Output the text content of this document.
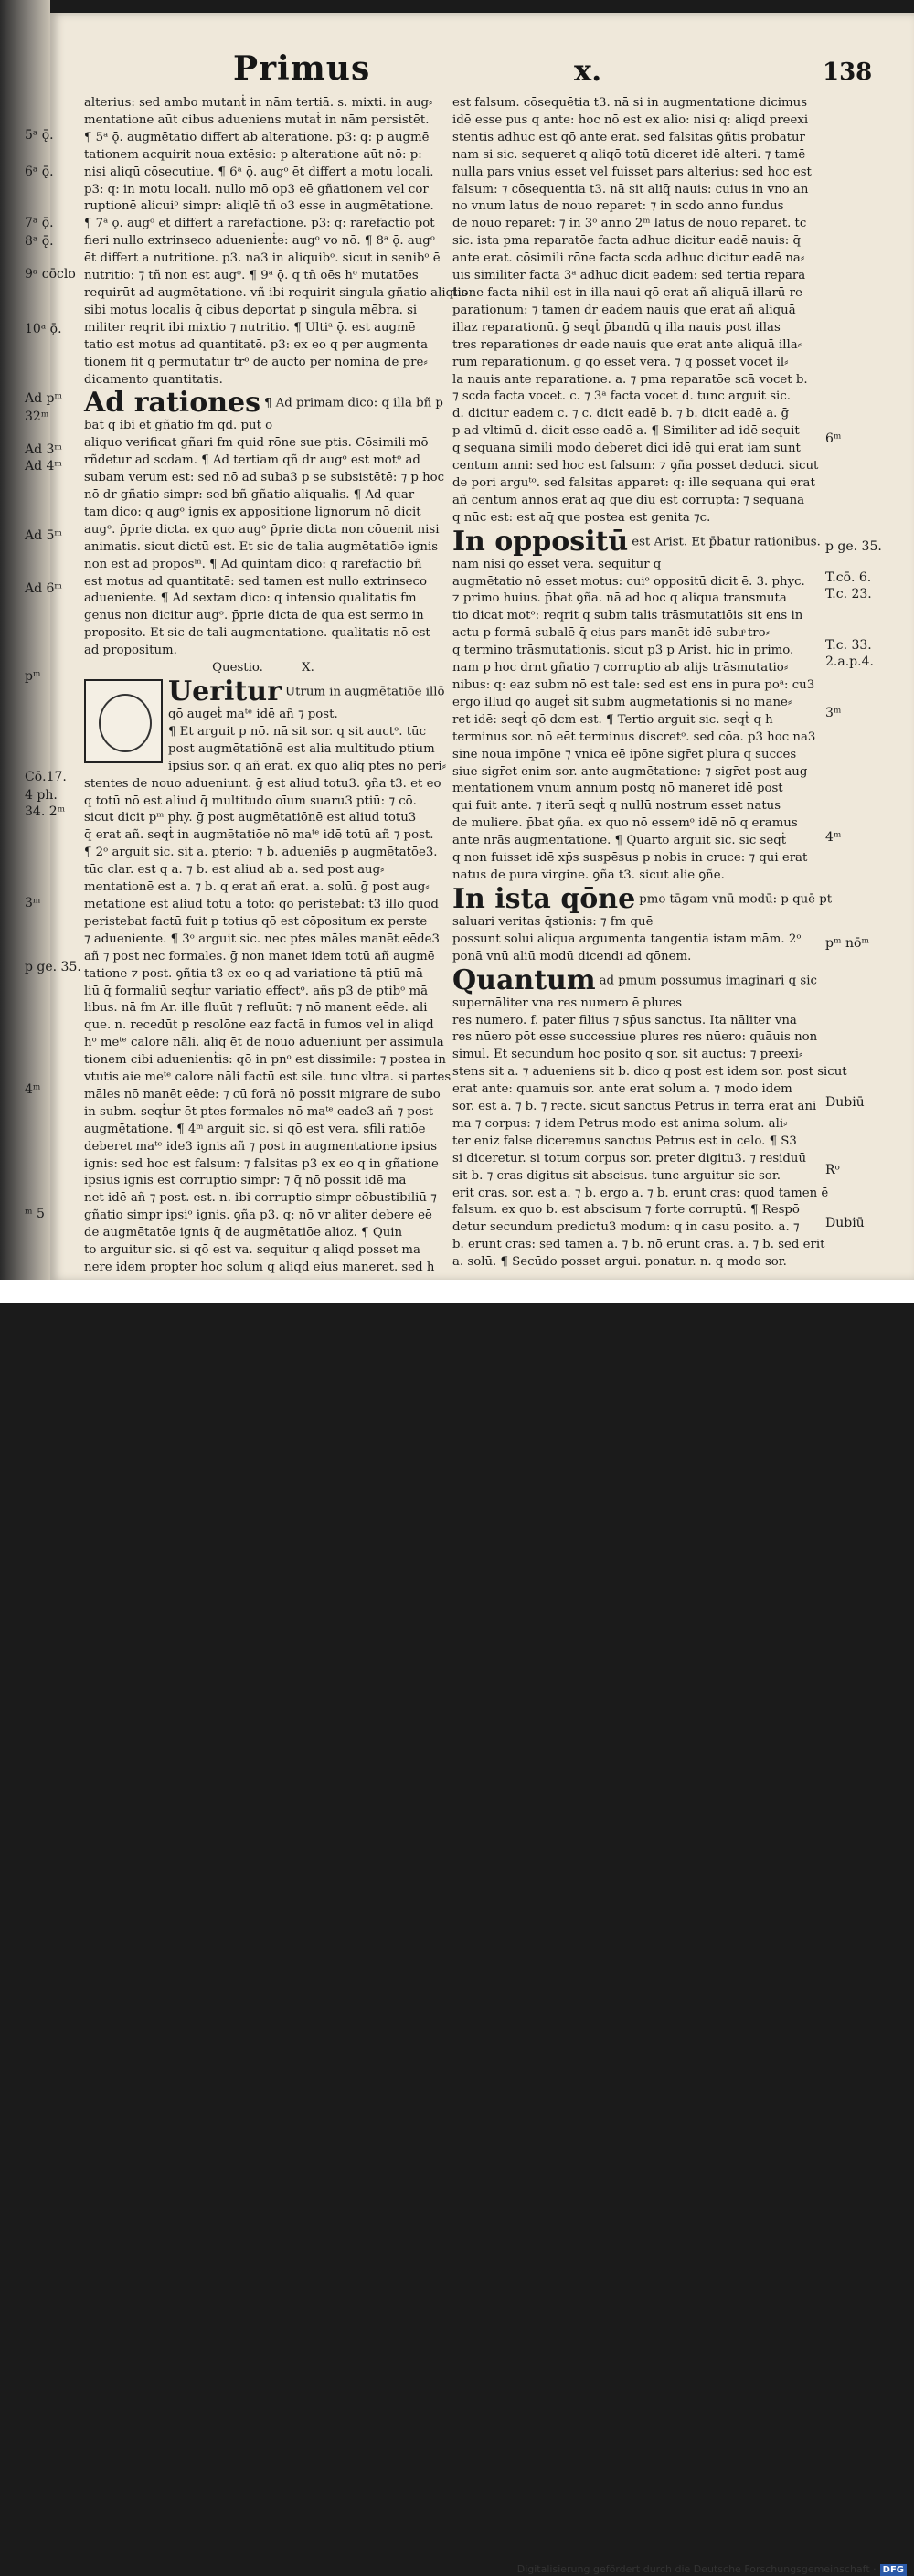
Primus	x.	138
5ᵃ ǭ.
6ᵃ ǭ.
7ᵃ ǭ.
8ᵃ ǭ.
9ᵃ cōclo
10ᵃ ǭ.
Ad pᵐ
32ᵐ
Ad 3ᵐ
Ad 4ᵐ
Ad 5ᵐ
Ad 6ᵐ
pᵐ
Cō.17.
4 ph.
34. 2ᵐ
3ᵐ
p ge. 35.
4ᵐ
ᵐ 5
6ᵐ
p ge. 35.
T.cō. 6.
T.c. 23.
T.c. 33.
2.a.p.4.
3ᵐ
4ᵐ
pᵐ nōᵐ
Dubiū
Rᵒ
Dubiū

alterius: sed ambo mutanṫ in nām tertiā. s. mixti. in aug⸗

mentatione aūt cibus adueniens mutaṫ in nām persistēt.

¶ 5ᵃ ǭ. augmētatio differt ab alteratione. p3: q: p augmē

tationem acquirit noua extēsio: p alteratione aūt nō: p:

nisi aliqū cōsecutiue. ¶ 6ᵃ ǭ. augᵒ ēt differt a motu locali.

p3: q: in motu locali. nullo mō op3 eē gñationem vel cor

ruptionē alicuiᵒ simpr: aliqlē tñ o3 esse in augmētatione.

¶ 7ᵃ ǭ. augᵒ ēt differt a rarefactione. p3: q: rarefactio pōt

fieri nullo extrinseco aduenienṫe: augᵒ vo nō. ¶ 8ᵃ ǭ. augᵒ

ēt differt a nutritione. p3. na3 in aliquibᵒ. sicut in senibᵒ ē

nutritio: ⁊ tñ non est augᵒ. ¶ 9ᵃ ǭ. q tñ oēs hᵒ mutatōes

requirūt ad augmētatione. vñ ibi requirit singula gñatio aliqlis

sibi motus localis q̄ cibus deportat p singula mēbra. si

militer reqrit ibi mixtio ⁊ nutritio. ¶ Ultiᵃ ǭ. est augmē

tatio est motus ad quantitatē. p3: ex eo q per augmenta

tionem fit q permutatur trᵒ de aucto per nomina de pre⸗

dicamento quantitatis.

Ad rationes ¶ Ad primam dico: q illa bñ p

bat q ibi ēt gñatio fm qd. p̄ut ō

aliquo verificat gñari fm quid rōne sue ptis. Cōsimili mō

rñdetur ad scdam. ¶ Ad tertiam qñ dr augᵒ est motᵒ ad

subam verum est: sed nō ad suba3 p se subsistētē: ⁊ p hoc

nō dr gñatio simpr: sed bñ gñatio aliqualis. ¶ Ad quar

tam dico: q augᵒ ignis ex appositione lignorum nō dicit

augᵒ. p̄prie dicta. ex quo augᵒ p̄prie dicta non cōuenit nisi

animatis. sicut dictū est. Et sic de talia augmētatiōe ignis

non est ad proposᵐ. ¶ Ad quintam dico: q rarefactio bñ

est motus ad quantitatē: sed tamen est nullo extrinseco

aduenienṫe. ¶ Ad sextam dico: q intensio qualitatis fm

genus non dicitur augᵒ. p̄prie dicta de qua est sermo in

proposito. Et sic de tali augmentatione. qualitatis nō est

ad propositum.

Questio.	X.

Ueritur Utrum in augmētatiōe illō

qō augeṫ maᵗᵉ idē añ ⁊ post.

¶ Et arguit p nō. nā sit sor. q sit auctᵒ. tūc

post augmētatiōnē est alia multitudo ptium

ipsius sor. q añ erat. ex quo aliq ptes nō peri⸗

stentes de nouo adueniunt. ḡ est aliud totu3. ꝯña t3. et eo

q totū nō est aliud q̄ multitudo oīum suaru3 ptiū: ⁊ cō.

sicut dicit pᵐ phy. ḡ post augmētatiōnē est aliud totu3

q̄ erat añ. seqṫ in augmētatiōe nō maᵗᵉ idē totū añ ⁊ post.

¶ 2ᵒ arguit sic. sit a. pterio: ⁊ b. adueniēs p augmētatōe3.

tūc clar. est q a. ⁊ b. est aliud ab a. sed post aug⸗

mentationē est a. ⁊ b. q erat añ erat. a. solū. ḡ post aug⸗

mētatiōnē est aliud totū a toto: qō peristebat: t3 illō quod

peristebat factū fuit p totius qō est cōpositum ex perste

⁊ adueniente. ¶ 3ᵒ arguit sic. nec ptes māles manēt eēde3

añ ⁊ post nec formales. ḡ non manet idem totū añ augmē

tatione ⁊ post. ꝯñtia t3 ex eo q ad variatione tā ptiū mā

liū q̄ formaliū seqṫur variatio effectᵒ. añs p3 de ptibᵒ mā

libus. nā fm Ar. ille fluūt ⁊ refluūt: ⁊ nō manent eēde. ali

que. n. recedūt p resolōne eaz factā in fumos vel in aliqd

hᵒ meᵗᵉ calore nāli. aliq ēt de nouo adueniunt per assimula

tionem cibi aduenienṫis: qō in pnᵒ est dissimile: ⁊ postea in

vtutis aie meᵗᵉ calore nāli factū est sile. tunc vltra. si partes

māles nō manēt eēde: ⁊ cū forā nō possit migrare de subo

in subm. seqṫur ēt ptes formales nō maᵗᵉ eade3 añ ⁊ post

augmētatione. ¶ 4ᵐ arguit sic. si qō est vera. sfili ratiōe

deberet maᵗᵉ ide3 ignis añ ⁊ post in augmentatione ipsius

ignis: sed hoc est falsum: ⁊ falsitas p3 ex eo q in gñatione

ipsius ignis est corruptio simpr: ⁊ q̄ nō possit idē ma

net idē añ ⁊ post. est. n. ibi corruptio simpr cōbustibiliū ⁊

gñatio simpr ipsiᵒ ignis. ꝯña p3. q: nō vr aliter debere eē

de augmētatōe ignis q̄ de augmētatiōe alioz. ¶ Quin

to arguitur sic. si qō est va. sequitur q aliqd posset ma

nere idem propter hoc solum q aliqd eius maneret. sed h

est falsum. cōsequētia t3. nā si in augmentatione dicimus

idē esse pus q ante: hoc nō est ex alio: nisi q: aliqd preexi

stentis adhuc est qō ante erat. sed falsitas ꝯñtis probatur

nam si sic. sequeret q aliqō totū diceret idē alteri. ⁊ tamē

nulla pars vnius esset vel fuisset pars alterius: sed hoc est

falsum: ⁊ cōsequentia t3. nā sit aliq̄ nauis: cuius in vno an

no vnum latus de nouo reparet: ⁊ in scdo anno fundus

de nouo reparet: ⁊ in 3ᵒ anno 2ᵐ latus de nouo reparet. tc

sic. ista pma reparatōe facta adhuc dicitur eadē nauis: q̄

ante erat. cōsimili rōne facta scda adhuc dicitur eadē na⸗

uis similiter facta 3ᵃ adhuc dicit eadem: sed tertia repara

tione facta nihil est in illa naui qō erat añ aliquā illarū re

parationum: ⁊ tamen dr eadem nauis que erat añ aliquā

illaz reparationū. ḡ seqṫ p̄bandū q illa nauis post illas

tres reparationes dr eade nauis que erat ante aliquā illa⸗

rum reparationum. ḡ qō esset vera. ⁊ q posset vocet il⸗

la nauis ante reparatione. a. ⁊ pma reparatōe scā vocet b.

⁊ scda facta vocet. c. ⁊ 3ᵃ facta vocet d. tunc arguit sic.

d. dicitur eadem c. ⁊ c. dicit eadē b. ⁊ b. dicit eadē a. ḡ

p ad vltimū d. dicit esse eadē a. ¶ Similiter ad idē sequit

q sequana simili modo deberet dici idē qui erat iam sunt

centum anni: sed hoc est falsum: ⁊ ꝯña posset deduci. sicut

de pori arguᵗᵒ. sed falsitas apparet: q: ille sequana qui erat

añ centum annos erat aq̄ que diu est corrupta: ⁊ sequana

q nūc est: est aq̄ que postea est genita ⁊c.

In oppositū est Arist. Et p̄batur rationibus.

nam nisi qō esset vera. sequitur q

augmētatio nō esset motus: cuiᵒ oppositū dicit ē. 3. phyc.

⁊ primo huius. p̄bat ꝯña. nā ad hoc q aliqua transmuta

tio dicat motᵒ: reqrit q subm talis trāsmutatiōis sit ens in

actu p formā subalē q̄ eius pars manēt idē subuͦ tro⸗

q termino trāsmutationis. sicut p3 p Arist. hic in primo.

nam p hoc drnt gñatio ⁊ corruptio ab alijs trāsmutatio⸗

nibus: q: eaz subm nō est tale: sed est ens in pura poᵃ: cu3

ergo illud qō augeṫ sit subm augmētationis si nō mane⸗

ret idē: seqṫ qō dcm est. ¶ Tertio arguit sic. seqṫ q h

terminus sor. nō eēt terminus discretᵒ. sed cōa. p3 hoc na3

sine noua impōne ⁊ vnica eē ipōne sigr̄et plura q succes

siue sigr̄et enim sor. ante augmētatione: ⁊ sigr̄et post aug

mentationem vnum annum postq nō maneret idē post

qui fuit ante. ⁊ iterū seqṫ q nullū nostrum esset natus

de muliere. p̄bat ꝯña. ex quo nō essemᵒ idē nō q eramus

ante nrās augmentatione. ¶ Quarto arguit sic. sic seqṫ

q non fuisset idē xp̄s suspēsus p nobis in cruce: ⁊ qui erat

natus de pura virgine. ꝯña t3. sicut alie ꝯñe.

In ista qōne pmo tāgam vnū modū: p quē pt

saluari veritas q̄stionis: ⁊ fm quē

possunt solui aliqua argumenta tangentia istam mām. 2ᵒ

ponā vnū aliū modū dicendi ad qōnem.

Quantum ad pmum possumus imaginari q sic

supernāliter vna res numero ē plures

res numero. f. pater filius ⁊ sp̄us sanctus. Ita nāliter vna

res nūero pōt esse successiue plures res nūero: quāuis non

simul. Et secundum hoc posito q sor. sit auctus: ⁊ preexi⸗

stens sit a. ⁊ adueniens sit b. dico q post est idem sor. post sicut

erat ante: quamuis sor. ante erat solum a. ⁊ modo idem

sor. est a. ⁊ b. ⁊ recte. sicut sanctus Petrus in terra erat ani

ma ⁊ corpus: ⁊ idem Petrus modo est anima solum. ali⸗

ter eniz false diceremus sanctus Petrus est in celo. ¶ S3

si diceretur. si totum corpus sor. preter digitu3. ⁊ residuū

sit b. ⁊ cras digitus sit abscisus. tunc arguitur sic sor.

erit cras. sor. est a. ⁊ b. ergo a. ⁊ b. erunt cras: quod tamen ē

falsum. ex quo b. est abscisum ⁊ forte corruptū. ¶ Respō

detur secundum predictu3 modum: q in casu posito. a. ⁊

b. erunt cras: sed tamen a. ⁊ b. nō erunt cras. a. ⁊ b. sed erit

a. solū. ¶ Secūdo posset argui. ponatur. n. q modo sor.

Digitalisierung gefördert durch die Deutsche Forschungsgemeinschaft · DFG
